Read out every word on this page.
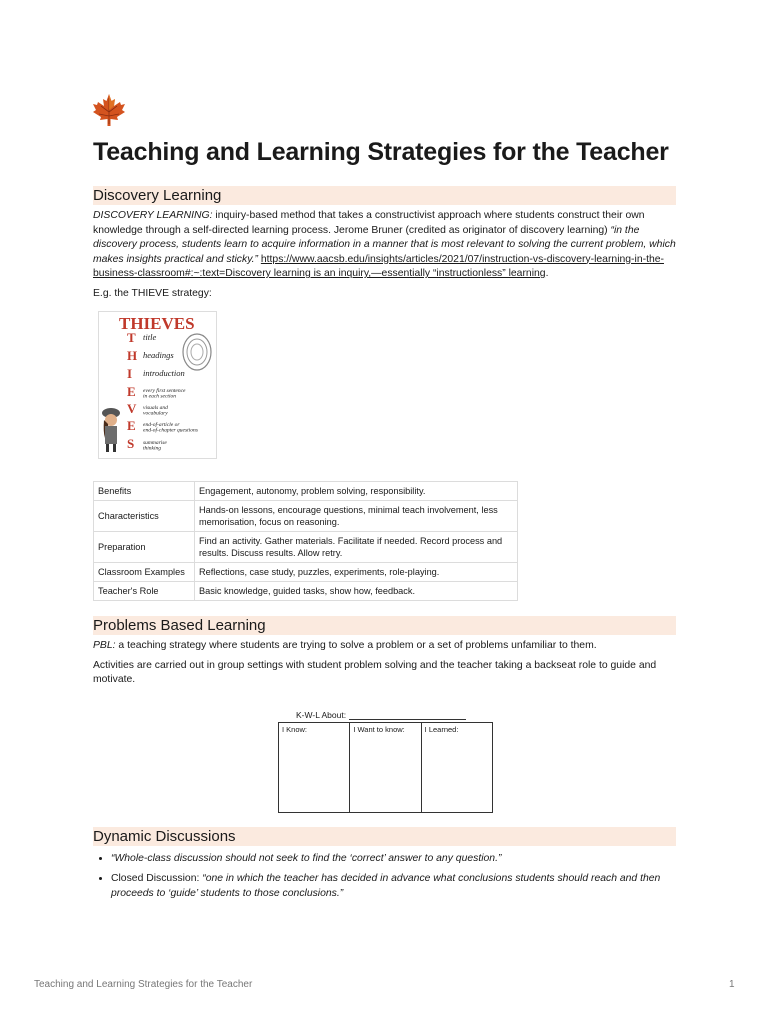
Teaching and Learning Strategies for the Teacher
Discovery Learning

DISCOVERY LEARNING: inquiry-based method that takes a constructivist approach where students construct their own knowledge through a self-directed learning process. Jerome Bruner (credited as originator of discovery learning) “in the discovery process, students learn to acquire information in a manner that is most relevant to solving the current problem, which makes insights practical and sticky.” https://www.aacsb.edu/insights/articles/2021/07/instruction-vs-discovery-learning-in-the-business-classroom#:~:text=Discovery learning is an inquiry,—essentially “instructionless” learning.

E.g. the THIEVE strategy:

THIEVES
T title
H headings
I introduction
E every first sentence in each section
V visuals and vocabulary
E end-of-article or end-of-chapter questions
S summarise thinking
Benefits	Engagement, autonomy, problem solving, responsibility.
Characteristics	Hands-on lessons, encourage questions, minimal teach involvement, less memorisation, focus on reasoning.
Preparation	Find an activity. Gather materials. Facilitate if needed. Record process and results. Discuss results. Allow retry.
Classroom Examples	Reflections, case study, puzzles, experiments, role-playing.
Teacher's Role	Basic knowledge, guided tasks, show how, feedback.
Problems Based Learning

PBL: a teaching strategy where students are trying to solve a problem or a set of problems unfamiliar to them.

Activities are carried out in group settings with student problem solving and the teacher taking a backseat role to guide and motivate.

K-W-L About:
I Know:	I Want to know:	I Learned:
Dynamic Discussions
• “Whole-class discussion should not seek to find the ‘correct’ answer to any question.”
• Closed Discussion: “one in which the teacher has decided in advance what conclusions students should reach and then proceeds to ‘guide’ students to those conclusions.”
Teaching and Learning Strategies for the Teacher	1
